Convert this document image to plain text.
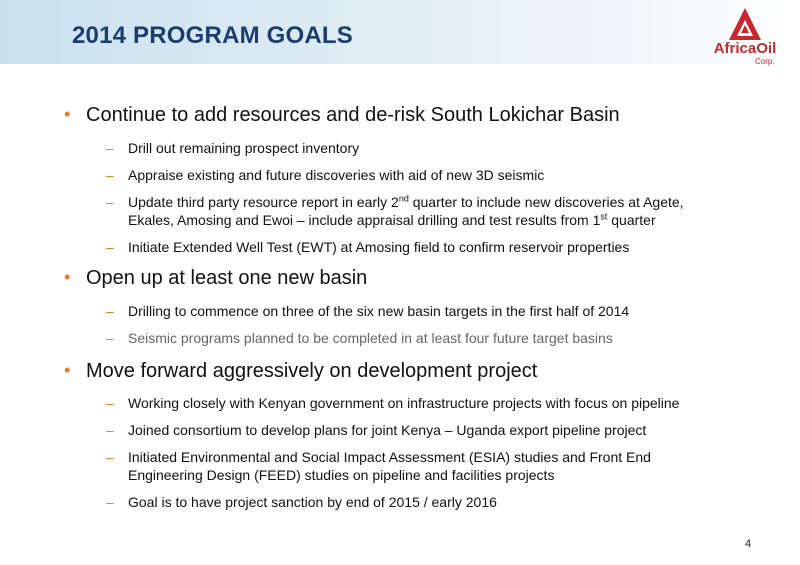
2014 PROGRAM GOALS	AfricaOil
Corp.
• Continue to add resources and de-risk South Lokichar Basin
– Drill out remaining prospect inventory
– Appraise existing and future discoveries with aid of new 3D seismic
– Update third party resource report in early 2nd quarter to include new discoveries at Agete,
Ekales, Amosing and Ewoi – include appraisal drilling and test results from 1st quarter
– Initiate Extended Well Test (EWT) at Amosing field to confirm reservoir properties
• Open up at least one new basin
– Drilling to commence on three of the six new basin targets in the first half of 2014
– Seismic programs planned to be completed in at least four future target basins
• Move forward aggressively on development project
– Working closely with Kenyan government on infrastructure projects with focus on pipeline
– Joined consortium to develop plans for joint Kenya – Uganda export pipeline project
– Initiated Environmental and Social Impact Assessment (ESIA) studies and Front End
Engineering Design (FEED) studies on pipeline and facilities projects
– Goal is to have project sanction by end of 2015 / early 2016
4
